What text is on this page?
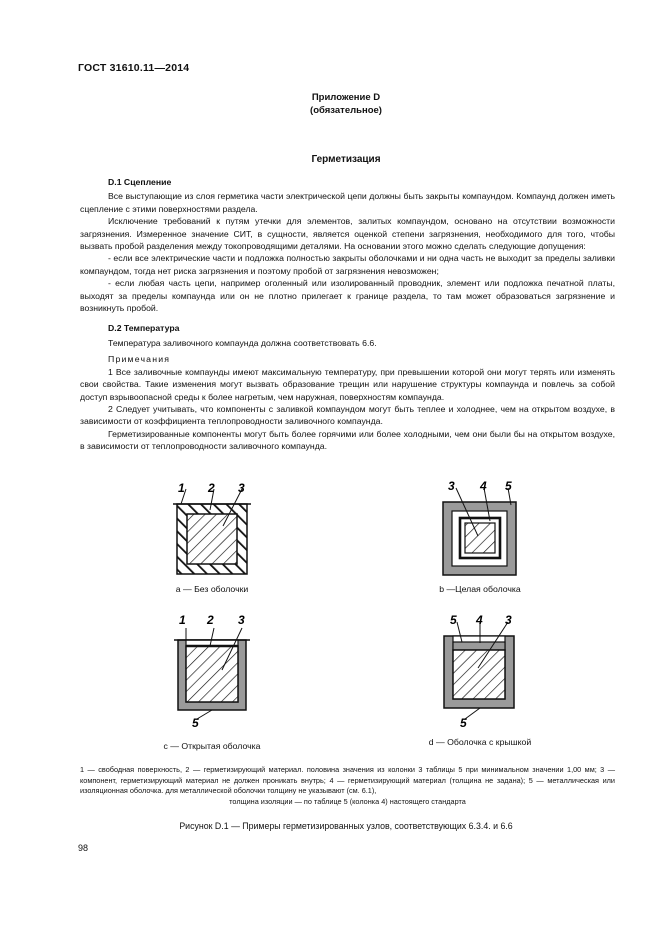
ГОСТ 31610.11—2014
Приложение D
(обязательное)
Герметизация

D.1 Сцепление

Все выступающие из слоя герметика части электрической цепи должны быть закрыты компаундом. Компаунд должен иметь сцепление с этими поверхностями раздела.

Исключение требований к путям утечки для элементов, залитых компаундом, основано на отсутствии возможности загрязнения. Измеренное значение СИТ, в сущности, является оценкой степени загрязнения, необходимого для того, чтобы вызвать пробой разделения между токопроводящими деталями. На основании этого можно сделать следующие допущения:

- если все электрические части и подложка полностью закрыты оболочками и ни одна часть не выходит за пределы заливки компаундом, тогда нет риска загрязнения и поэтому пробой от загрязнения невозможен;

- если любая часть цепи, например оголенный или изолированный проводник, элемент или подложка печатной платы, выходят за пределы компаунда или он не плотно прилегает к границе раздела, то там может образоваться загрязнение и возникнуть пробой.

D.2 Температура

Температура заливочного компаунда должна соответствовать 6.6.

Примечания

1 Все заливочные компаунды имеют максимальную температуру, при превышении которой они могут терять или изменять свои свойства. Такие изменения могут вызвать образование трещин или нарушение структуры компаунда и повлечь за собой доступ взрывоопасной среды к более нагретым, чем наружная, поверхностям компаунда.

2 Следует учитывать, что компоненты с заливкой компаундом могут быть теплее и холоднее, чем на открытом воздухе, в зависимости от коэффициента теплопроводности заливочного компаунда.

Герметизированные компоненты могут быть более горячими или более холодными, чем они были бы на открытом воздухе, в зависимости от теплопроводности заливочного компаунда.

1 2 3	3 4 5
1 2 3
5
5 4 3
5
a — Без оболочки	b —Целая оболочка
c — Открытая оболочка	d — Оболочка с крышкой
1 — свободная поверхность, 2 — герметизирующий материал. половина значения из колонки 3 таблицы 5 при минимальном значении 1,00 мм; 3 — компонент, герметизирующий материал не должен проникать внутрь; 4 — герметизирующий материал (толщина не задана); 5 — металлическая или изоляционная оболочка. для металлической оболочки толщину не указывают (см. 6.1),
толщина изоляции — по таблице 5 (колонка 4) настоящего стандарта
Рисунок D.1 — Примеры герметизированных узлов, соответствующих 6.3.4. и 6.6
98
